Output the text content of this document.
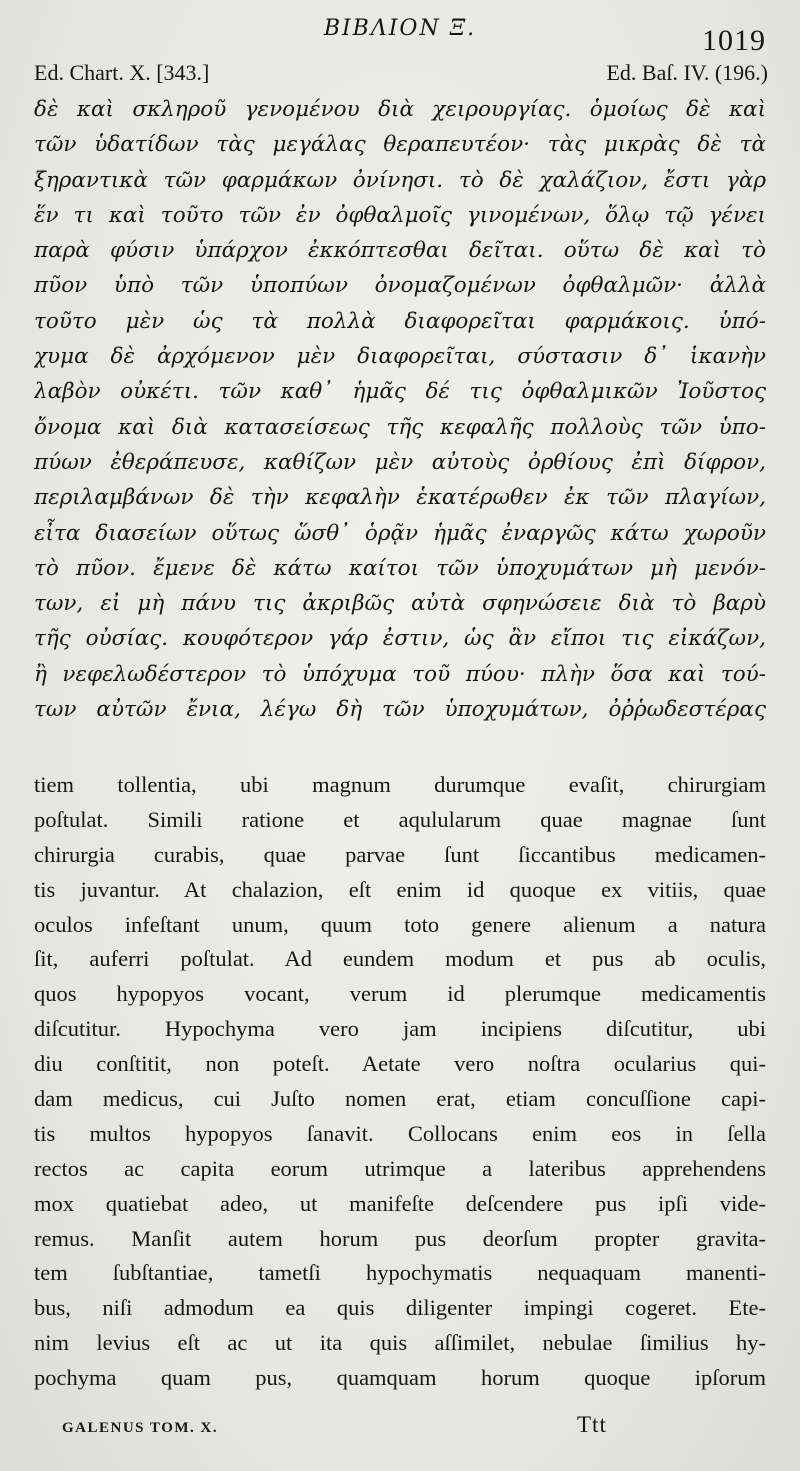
ΒΙΒΛΙΟΝ Ξ.	1019
Ed. Chart. X. [343.]	Ed. Baſ. IV. (196.)
δὲ καὶ σκληροῦ γενομένου διὰ χειρουργίας. ὁμοίως δὲ καὶ
τῶν ὑδατίδων τὰς μεγάλας θεραπευτέον· τὰς μικρὰς δὲ τὰ
ξηραντικὰ τῶν φαρμάκων ὀνίνησι. τὸ δὲ χαλάζιον, ἔστι γὰρ
ἕν τι καὶ τοῦτο τῶν ἐν ὀφθαλμοῖς γινομένων, ὅλῳ τῷ γένει
παρὰ φύσιν ὑπάρχον ἐκκόπτεσθαι δεῖται. οὕτω δὲ καὶ τὸ
πῦον ὑπὸ τῶν ὑποπύων ὀνομαζομένων ὀφθαλμῶν· ἀλλὰ
τοῦτο μὲν ὡς τὰ πολλὰ διαφορεῖται φαρμάκοις. ὑπό-
χυμα δὲ ἀρχόμενον μὲν διαφορεῖται, σύστασιν δ᾽ ἱκανὴν
λαβὸν οὐκέτι. τῶν καθ᾽ ἡμᾶς δέ τις ὀφθαλμικῶν Ἰοῦστος
ὄνομα καὶ διὰ κατασείσεως τῆς κεφαλῆς πολλοὺς τῶν ὑπο-
πύων ἐθεράπευσε, καθίζων μὲν αὐτοὺς ὀρθίους ἐπὶ δίφρον,
περιλαμβάνων δὲ τὴν κεφαλὴν ἑκατέρωθεν ἐκ τῶν πλαγίων,
εἶτα διασείων οὕτως ὥσθ᾽ ὁρᾷν ἡμᾶς ἐναργῶς κάτω χωροῦν
τὸ πῦον. ἔμενε δὲ κάτω καίτοι τῶν ὑποχυμάτων μὴ μενόν-
των, εἰ μὴ πάνυ τις ἀκριβῶς αὐτὰ σφηνώσειε διὰ τὸ βαρὺ
τῆς οὐσίας. κουφότερον γάρ ἐστιν, ὡς ἂν εἴποι τις εἰκάζων,
ἢ νεφελωδέστερον τὸ ὑπόχυμα τοῦ πύου· πλὴν ὅσα καὶ τού-
των αὐτῶν ἔνια, λέγω δὴ τῶν ὑποχυμάτων, ὀῤῥωδεστέρας
tiem tollentia, ubi magnum durumque evaſit, chirurgiam
poſtulat. Simili ratione et aqulularum quae magnae ſunt
chirurgia curabis, quae parvae ſunt ſiccantibus medicamen-
tis juvantur. At chalazion, eſt enim id quoque ex vitiis, quae
oculos infeſtant unum, quum toto genere alienum a natura
ſit, auferri poſtulat. Ad eundem modum et pus ab oculis,
quos hypopyos vocant, verum id plerumque medicamentis
diſcutitur. Hypochyma vero jam incipiens diſcutitur, ubi
diu conſtitit, non poteſt. Aetate vero noſtra ocularius qui-
dam medicus, cui Juſto nomen erat, etiam concuſſione capi-
tis multos hypopyos ſanavit. Collocans enim eos in ſella
rectos ac capita eorum utrimque a lateribus apprehendens
mox quatiebat adeo, ut manifeſte deſcendere pus ipſi vide-
remus. Manſit autem horum pus deorſum propter gravita-
tem ſubſtantiae, tametſi hypochymatis nequaquam manenti-
bus, niſi admodum ea quis diligenter impingi cogeret. Ete-
nim levius eſt ac ut ita quis aſſimilet, nebulae ſimilius hy-
pochyma quam pus, quamquam horum quoque ipſorum
GALENUS TOM. X.	Ttt
